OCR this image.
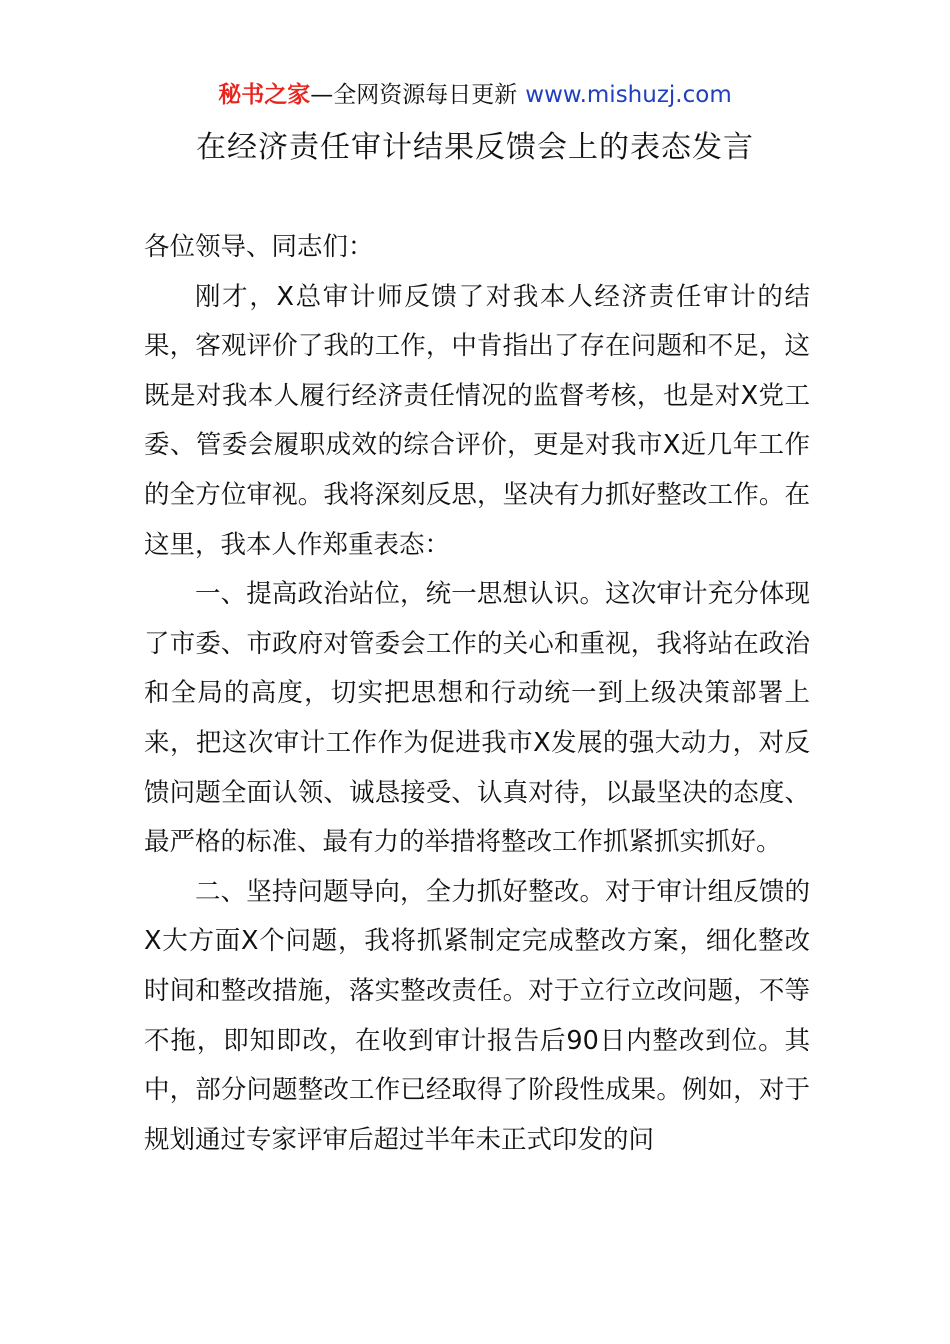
秘书之家—全网资源每日更新 www.mishuzj.com
在经济责任审计结果反馈会上的表态发言

各位领导、同志们：

刚才，X总审计师反馈了对我本人经济责任审计的结果，客观评价了我的工作，中肯指出了存在问题和不足，这既是对我本人履行经济责任情况的监督考核，也是对X党工委、管委会履职成效的综合评价，更是对我市X近几年工作的全方位审视。我将深刻反思，坚决有力抓好整改工作。在这里，我本人作郑重表态：

一、提高政治站位，统一思想认识。这次审计充分体现了市委、市政府对管委会工作的关心和重视，我将站在政治和全局的高度，切实把思想和行动统一到上级决策部署上来，把这次审计工作作为促进我市X发展的强大动力，对反馈问题全面认领、诚恳接受、认真对待，以最坚决的态度、最严格的标准、最有力的举措将整改工作抓紧抓实抓好。

二、坚持问题导向，全力抓好整改。对于审计组反馈的X大方面X个问题，我将抓紧制定完成整改方案，细化整改时间和整改措施，落实整改责任。对于立行立改问题，不等不拖，即知即改，在收到审计报告后90日内整改到位。其中，部分问题整改工作已经取得了阶段性成果。例如，对于规划通过专家评审后超过半年未正式印发的问
